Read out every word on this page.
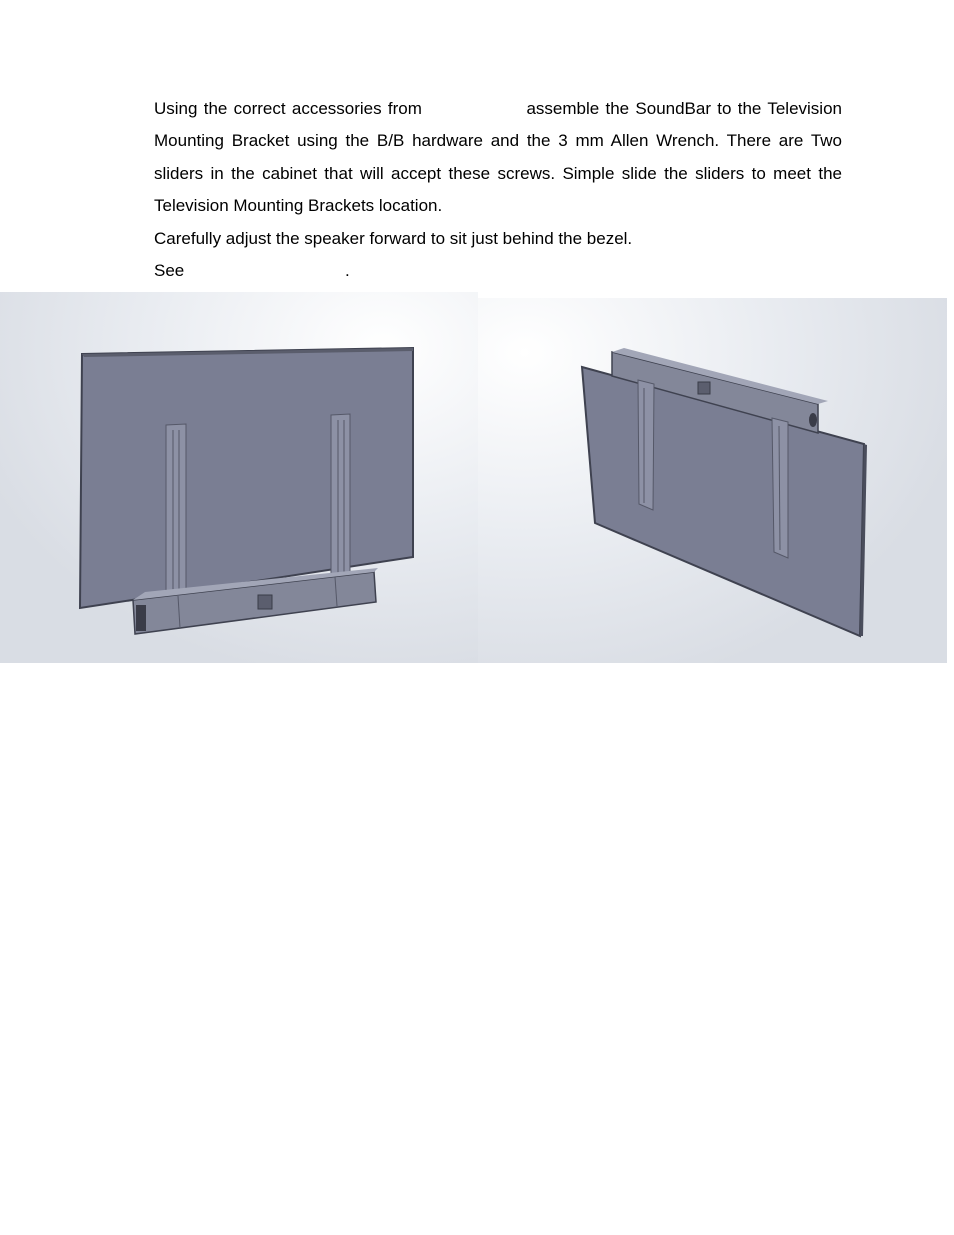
Using the correct accessories from	assemble the SoundBar to the Television Mounting Bracket using the B/B hardware and the 3 mm Allen Wrench. There are Two sliders in the cabinet that will accept these screws. Simple slide the sliders to meet the Television Mounting Brackets location.

Carefully adjust the speaker forward to sit just behind the bezel.

See	.
